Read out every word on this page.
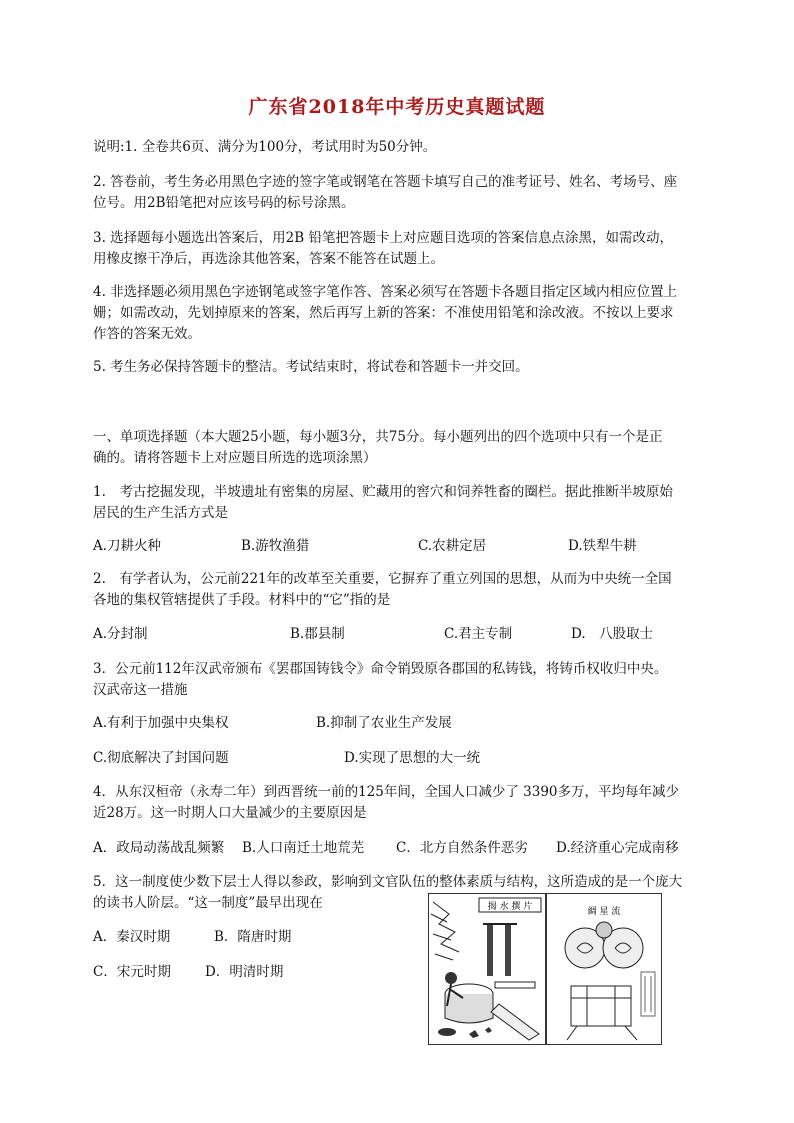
广东省2018年中考历史真题试题
说明:1. 全卷共6页、满分为100分，考试用时为50分钟。
2. 答卷前，考生务必用黑色字迹的签字笔或钢笔在答题卡填写自己的准考证号、姓名、考场号、座
位号。用2B铅笔把对应该号码的标号涂黑。
3. 选择题每小题选出答案后，用2B 铅笔把答题卡上对应题目选项的答案信息点涂黑，如需改动，
用橡皮擦干净后，再选涂其他答案，答案不能答在试题上。
4. 非选择题必须用黑色字迹钢笔或签字笔作答、答案必须写在答题卡各题目指定区域内相应位置上
姗；如需改动，先划掉原来的答案，然后再写上新的答案：不准使用铅笔和涂改液。不按以上要求
作答的答案无效。
5. 考生务必保持答题卡的整洁。考试结束时，将试卷和答题卡一并交回。
一、单项选择题（本大题25小题，每小题3分，共75分。每小题列出的四个选项中只有一个是正
确的。请将答题卡上对应题目所选的选项涂黑）
1.　考古挖掘发现，半坡遗址有密集的房屋、贮藏用的窖穴和饲养牲畜的圈栏。据此推断半坡原始
居民的生产生活方式是
A.刀耕火种	B.游牧渔猎	C.农耕定居	D.铁犁牛耕
2.　有学者认为，公元前221年的改革至关重要，它摒弃了重立列国的思想，从而为中央统一全国
各地的集权管辖提供了手段。材料中的“它”指的是
A.分封制	B.郡县制	C.君主专制	D.　八股取士
3．公元前112年汉武帝颁布《罢郡国铸钱令》命令销毁原各郡国的私铸钱，将铸币权收归中央。
汉武帝这一措施
A.有利于加强中央集权	B.抑制了农业生产发展
C.彻底解决了封国问题	D.实现了思想的大一统
4．从东汉桓帝（永寿二年）到西晋统一前的125年间，全国人口减少了 3390多万，平均每年减少
近28万。这一时期人口大量减少的主要原因是
A．政局动荡战乱频繁 B.人口南迁土地荒芜 C．北方自然条件恶劣 D.经济重心完成南移
5．这一制度使少数下层士人得以参政，影响到文官队伍的整体素质与结构，这所造成的是一个庞大
的读书人阶层。“这一制度”最早出现在
A．秦汉时期	B．隋唐时期
C．宋元时期	D．明清时期
揭 水 撰 片	綢 星 流
